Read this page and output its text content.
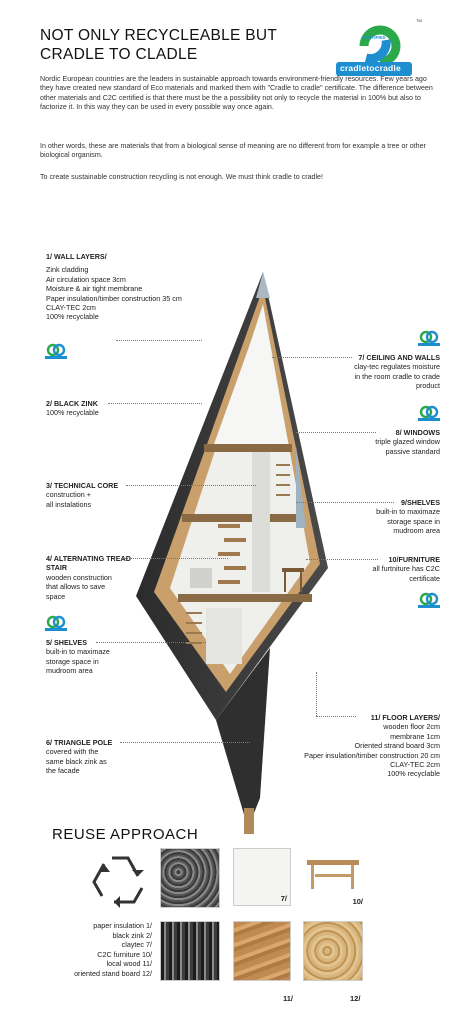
NOT ONLY RECYCLEABLE BUT
CRADLE TO CLADLE
CERTIFIED
TM
cradletocradle
Nordic European countries are the leaders in sustainable approach towards environment-friendly resources. Few years ago they have created new standard of Eco materials and marked them with "Cradle to cradle" certificate. The difference between other materials and C2C certified is that there must be the a possibility not only to recycle the material in 100% but also to factorize it. In this way they can be used in every possible way once again.
In other words, these are materials that from a biological sense of meaning are no different from for example a tree or other biological organism.
To create sustainable construction recycling is not enough. We must think cradle to cradle!
1/ WALL LAYERS/
Zink cladding
Air circulation space 3cm
Moisture & air tight membrane
Paper insulation/timber construction 35 cm
CLAY-TEC 2cm
100% recyclable
2/ BLACK ZINK
100% recyclable
3/ TECHNICAL CORE
construction +
all instalations
4/ ALTERNATING TREAD STAIR
wooden construction
that allows to save
space
5/ SHELVES
built-in to maximaze
storage space in
mudroom area
6/ TRIANGLE POLE
covered with the
same black zink as
the facade
7/ CEILING AND WALLS
clay-tec regulates moisture
in the room cradle to crade
product
8/ WINDOWS
triple glazed window
passive standard
9/SHELVES
built-in to maximaze
storage space in
mudroom area
10/FURNITURE
all furtniture has C2C
certificate
11/ FLOOR LAYERS/
wooden floor 2cm
membrane 1cm
Oriented strand board 3cm
Paper insulation/timber construction 20 cm
CLAY-TEC 2cm
100% recyclable
REUSE APPROACH
7/	10/
11/	12/
paper insulation 1/
black zink 2/
claytec 7/
C2C furniture 10/
local wood 11/
oriented stand board 12/
